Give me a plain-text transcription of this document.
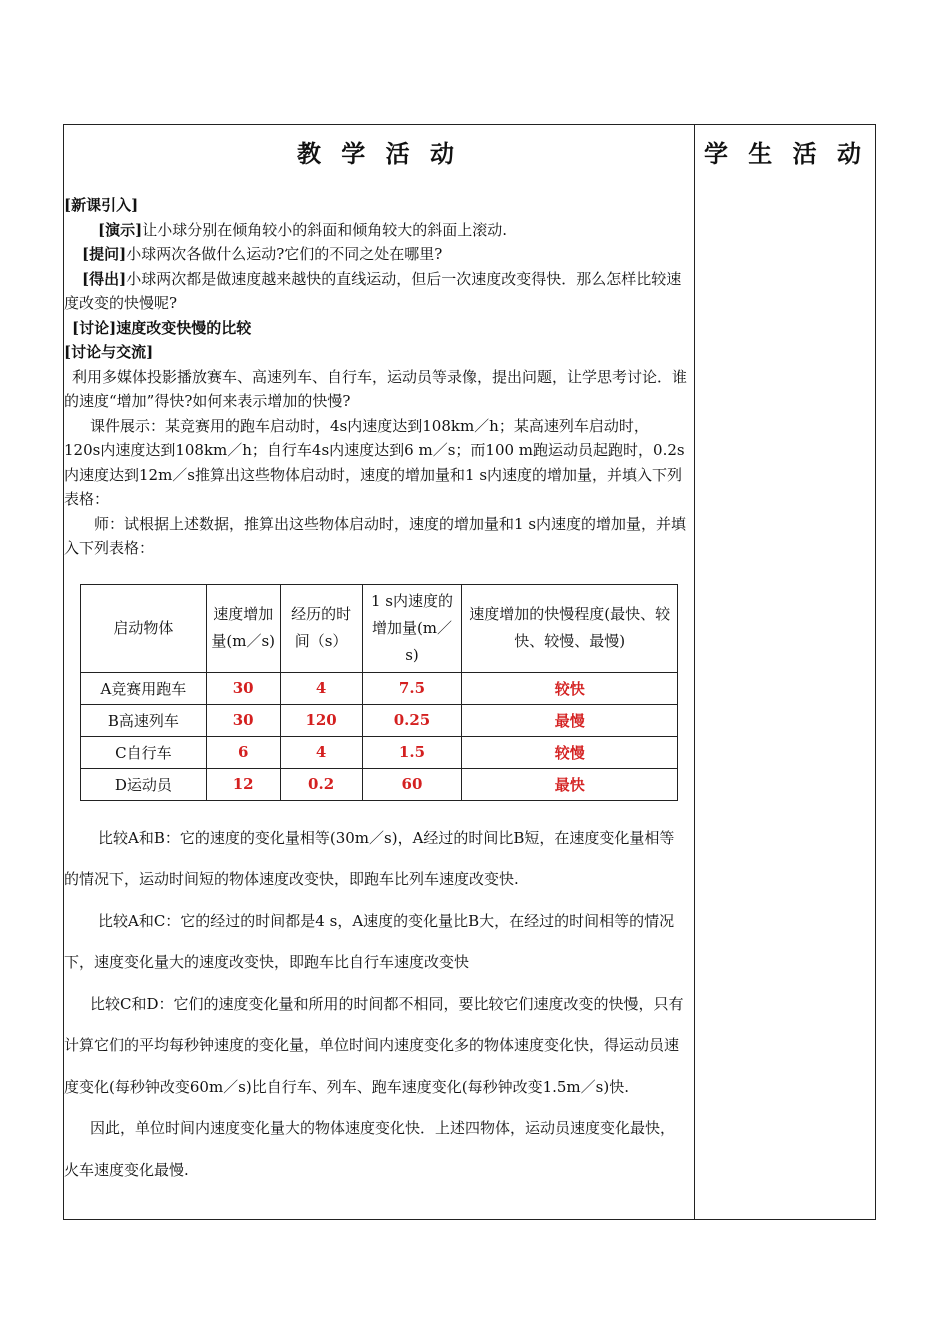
教 学 活 动	学 生 活 动

[新课引入]

[演示]让小球分别在倾角较小的斜面和倾角较大的斜面上滚动.

[提问]小球两次各做什么运动?它们的不同之处在哪里?

[得出]小球两次都是做速度越来越快的直线运动，但后一次速度改变得快．那么怎样比较速度改变的快慢呢?

[讨论]速度改变快慢的比较

[讨论与交流]

利用多媒体投影播放赛车、高速列车、自行车，运动员等录像，提出问题，让学思考讨论．谁的速度“增加”得快?如何来表示增加的快慢?

课件展示：某竞赛用的跑车启动时，4s内速度达到108km／h；某高速列车启动时， 120s内速度达到108km／h；自行车4s内速度达到6 m／s；而100 m跑运动员起跑时，0.2s内速度达到12m／s推算出这些物体启动时，速度的增加量和1 s内速度的增加量，并填入下列表格：

师：试根据上述数据，推算出这些物体启动时，速度的增加量和1 s内速度的增加量，并填入下列表格：

启动物体	速度增加量(m／s)	经历的时间（s）	1 s内速度的增加量(m／s)	速度增加的快慢程度(最快、较快、较慢、最慢)
A竞赛用跑车	30	4	7.5	较快
B高速列车	30	120	0.25	最慢
C自行车	6	4	1.5	较慢
D运动员	12	0.2	60	最快

比较A和B：它的速度的变化量相等(30m／s)，A经过的时间比B短，在速度变化量相等的情况下，运动时间短的物体速度改变快，即跑车比列车速度改变快.

比较A和C：它的经过的时间都是4 s，A速度的变化量比B大，在经过的时间相等的情况下，速度变化量大的速度改变快，即跑车比自行车速度改变快

比较C和D：它们的速度变化量和所用的时间都不相同，要比较它们速度改变的快慢，只有计算它们的平均每秒钟速度的变化量，单位时间内速度变化多的物体速度变化快，得运动员速度变化(每秒钟改变60m／s)比自行车、列车、跑车速度变化(每秒钟改变1.5m／s)快.

因此，单位时间内速度变化量大的物体速度变化快．上述四物体，运动员速度变化最快，火车速度变化最慢.
